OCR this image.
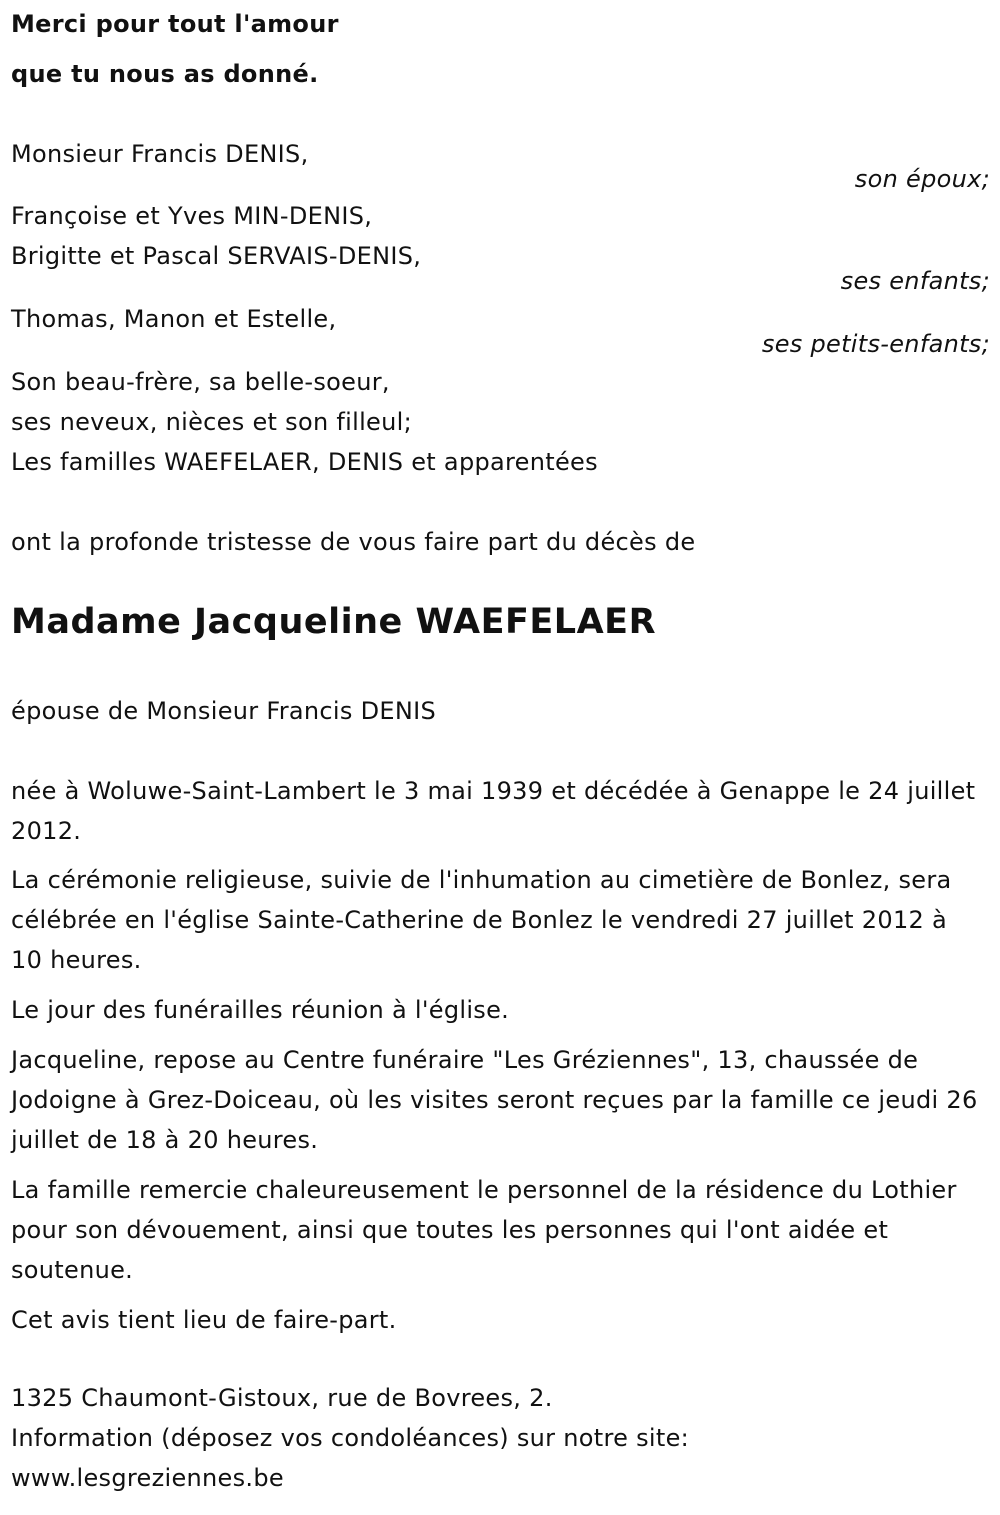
Merci pour tout l'amour

que tu nous as donné.

Monsieur Francis DENIS,

son époux;

Françoise et Yves MIN-DENIS,

Brigitte et Pascal SERVAIS-DENIS,

ses enfants;

Thomas, Manon et Estelle,

ses petits-enfants;

Son beau-frère, sa belle-soeur,

ses neveux, nièces et son filleul;

Les familles WAEFELAER, DENIS et apparentées

ont la profonde tristesse de vous faire part du décès de

Madame Jacqueline WAEFELAER

épouse de Monsieur Francis DENIS

née à Woluwe-Saint-Lambert le 3 mai 1939 et décédée à Genappe le 24 juillet 2012.

La cérémonie religieuse, suivie de l'inhumation au cimetière de Bonlez, sera célébrée en l'église Sainte-Catherine de Bonlez le vendredi 27 juillet 2012 à 10 heures.

Le jour des funérailles réunion à l'église.

Jacqueline, repose au Centre funéraire "Les Gréziennes", 13, chaussée de Jodoigne à Grez-Doiceau, où les visites seront reçues par la famille ce jeudi 26 juillet de 18 à 20 heures.

La famille remercie chaleureusement le personnel de la résidence du Lothier pour son dévouement, ainsi que toutes les personnes qui l'ont aidée et soutenue.

Cet avis tient lieu de faire-part.

1325 Chaumont-Gistoux, rue de Bovrees, 2.

Information (déposez vos condoléances) sur notre site:

www.lesgreziennes.be
